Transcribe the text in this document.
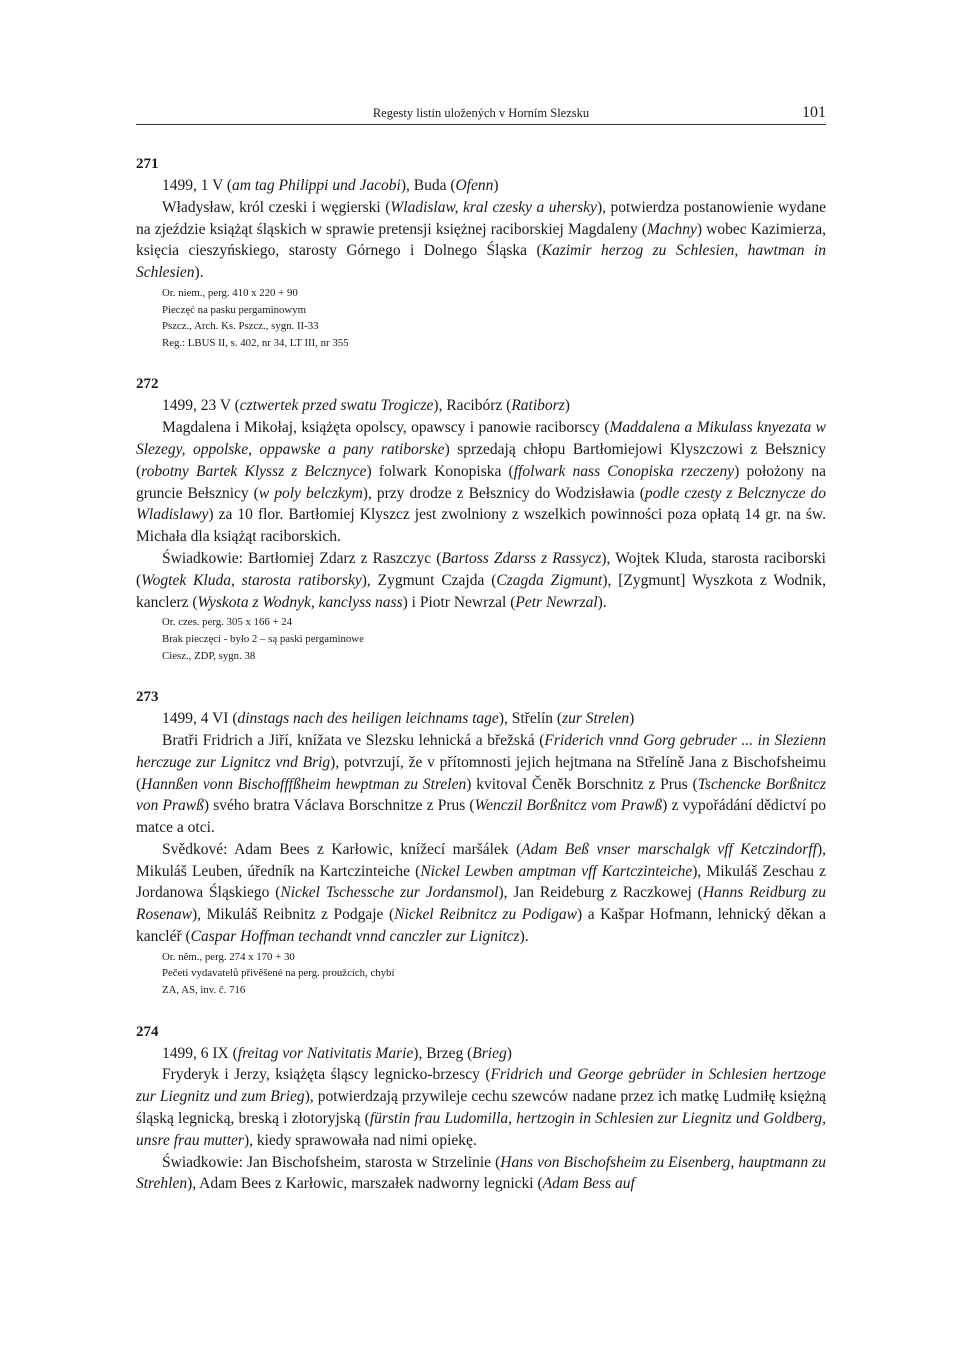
Regesty listin uložených v Horním Slezsku	101

271

1499, 1 V (am tag Philippi und Jacobi), Buda (Ofenn)

Władysław, król czeski i węgierski (Wladislaw, kral czesky a uhersky), potwierdza postanowienie wydane na zjeździe książąt śląskich w sprawie pretensji księżnej raciborskiej Magdaleny (Machny) wobec Kazimierza, księcia cieszyńskiego, starosty Górnego i Dolnego Śląska (Kazimir herzog zu Schlesien, hawtman in Schlesien).

Or. niem., perg. 410 x 220 + 90

Pieczęć na pasku pergaminowym

Pszcz., Arch. Ks. Pszcz., sygn. II-33

Reg.: LBUS II, s. 402, nr 34, LT III, nr 355

272

1499, 23 V (cztwertek przed swatu Trogicze), Racibórz (Ratiborz)

Magdalena i Mikołaj, książęta opolscy, opawscy i panowie raciborscy (Maddalena a Mikulass knyezata w Slezegy, oppolske, oppawske a pany ratiborske) sprzedają chłopu Bartłomiejowi Klyszczowi z Bełsznicy (robotny Bartek Klyssz z Belcznyce) folwark Konopiska (ffolwark nass Conopiska rzeczeny) położony na gruncie Bełsznicy (w poly belczkym), przy drodze z Bełsznicy do Wodzisławia (podle czesty z Belcznycze do Wladislawy) za 10 flor. Bartłomiej Klyszcz jest zwolniony z wszelkich powinności poza opłatą 14 gr. na św. Michała dla książąt raciborskich.

Świadkowie: Bartłomiej Zdarz z Raszczyc (Bartoss Zdarss z Rassycz), Wojtek Kluda, starosta raciborski (Wogtek Kluda, starosta ratiborsky), Zygmunt Czajda (Czagda Zigmunt), [Zygmunt] Wyszkota z Wodnik, kanclerz (Wyskota z Wodnyk, kanclyss nass) i Piotr Newrzal (Petr Newrzal).

Or. czes. perg. 305 x 166 + 24

Brak pieczęci - było 2 – są paski pergaminowe

Ciesz., ZDP, sygn. 38

273

1499, 4 VI (dinstags nach des heiligen leichnams tage), Střelín (zur Strelen)

Bratři Fridrich a Jiří, knížata ve Slezsku lehnická a břežská (Friderich vnnd Gorg gebruder ... in Slezienn herczuge zur Lignitcz vnd Brig), potvrzují, že v přítomnosti jejich hejtmana na Střelíně Jana z Bischofsheimu (Hannßen vonn Bischofffßheim hewptman zu Strelen) kvitoval Čeněk Borschnitz z Prus (Tschencke Borßnitcz von Prawß) svého bratra Václava Borschnitze z Prus (Wenczil Borßnitcz vom Prawß) z vypořádání dědictví po matce a otci.

Svědkové: Adam Bees z Karłowic, knížecí maršálek (Adam Beß vnser marschalgk vff Ketczindorff), Mikuláš Leuben, úředník na Kartczinteiche (Nickel Lewben amptman vff Kartczinteiche), Mikuláš Zeschau z Jordanowa Śląskiego (Nickel Tschessche zur Jordansmol), Jan Reideburg z Raczkowej (Hanns Reidburg zu Rosenaw), Mikuláš Reibnitz z Podgaje (Nickel Reibnitcz zu Podigaw) a Kašpar Hofmann, lehnický děkan a kancléř (Caspar Hoffman techandt vnnd canczler zur Lignitcz).

Or. něm., perg. 274 x 170 + 30

Pečeti vydavatelů přivěšené na perg. proužcích, chybí

ZA, AS, inv. č. 716

274

1499, 6 IX (freitag vor Nativitatis Marie), Brzeg (Brieg)

Fryderyk i Jerzy, książęta śląscy legnicko-brzescy (Fridrich und George gebrüder in Schlesien hertzoge zur Liegnitz und zum Brieg), potwierdzają przywileje cechu szewców nadane przez ich matkę Ludmiłę księżną śląską legnicką, breską i złotoryjską (fürstin frau Ludomilla, hertzogin in Schlesien zur Liegnitz und Goldberg, unsre frau mutter), kiedy sprawowała nad nimi opiekę.

Świadkowie: Jan Bischofsheim, starosta w Strzelinie (Hans von Bischofsheim zu Eisenberg, hauptmann zu Strehlen), Adam Bees z Karłowic, marszałek nadworny legnicki (Adam Bess auf
